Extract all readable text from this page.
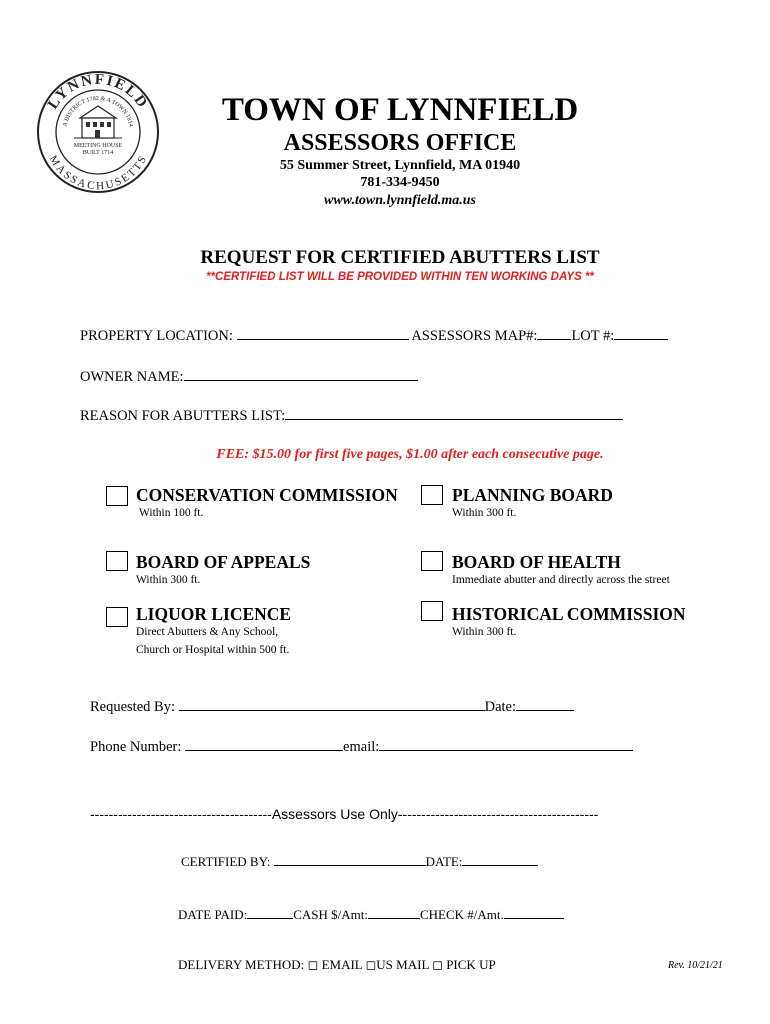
LYNNFIELD
MASSACHUSETTS
A DISTRICT 1782 & A TOWN 1814
MEETING HOUSE
BUILT 1714
TOWN OF LYNNFIELD
ASSESSORS OFFICE
55 Summer Street, Lynnfield, MA 01940
781-334-9450
www.town.lynnfield.ma.us
REQUEST FOR CERTIFIED ABUTTERS LIST
**CERTIFIED LIST WILL BE PROVIDED WITHIN TEN WORKING DAYS **
PROPERTY LOCATION:	ASSESSORS MAP#: LOT #:
OWNER NAME:
REASON FOR ABUTTERS LIST:
FEE: $15.00 for first five pages, $1.00 after each consecutive page.
CONSERVATION COMMISSION
Within 100 ft.
PLANNING BOARD
Within 300 ft.
BOARD OF APPEALS
Within 300 ft.
BOARD OF HEALTH
Immediate abutter and directly across the street
LIQUOR LICENCE
Direct Abutters & Any School,
Church or Hospital within 500 ft.
HISTORICAL COMMISSION
Within 300 ft.
Requested By:	Date:
Phone Number:	email:
---------------------------------------Assessors Use Only-------------------------------------------
CERTIFIED BY:	DATE:
DATE PAID:	CASH $/Amt:	CHECK #/Amt.
DELIVERY METHOD: ◻ EMAIL ◻US MAIL ◻ PICK UP	Rev. 10/21/21
